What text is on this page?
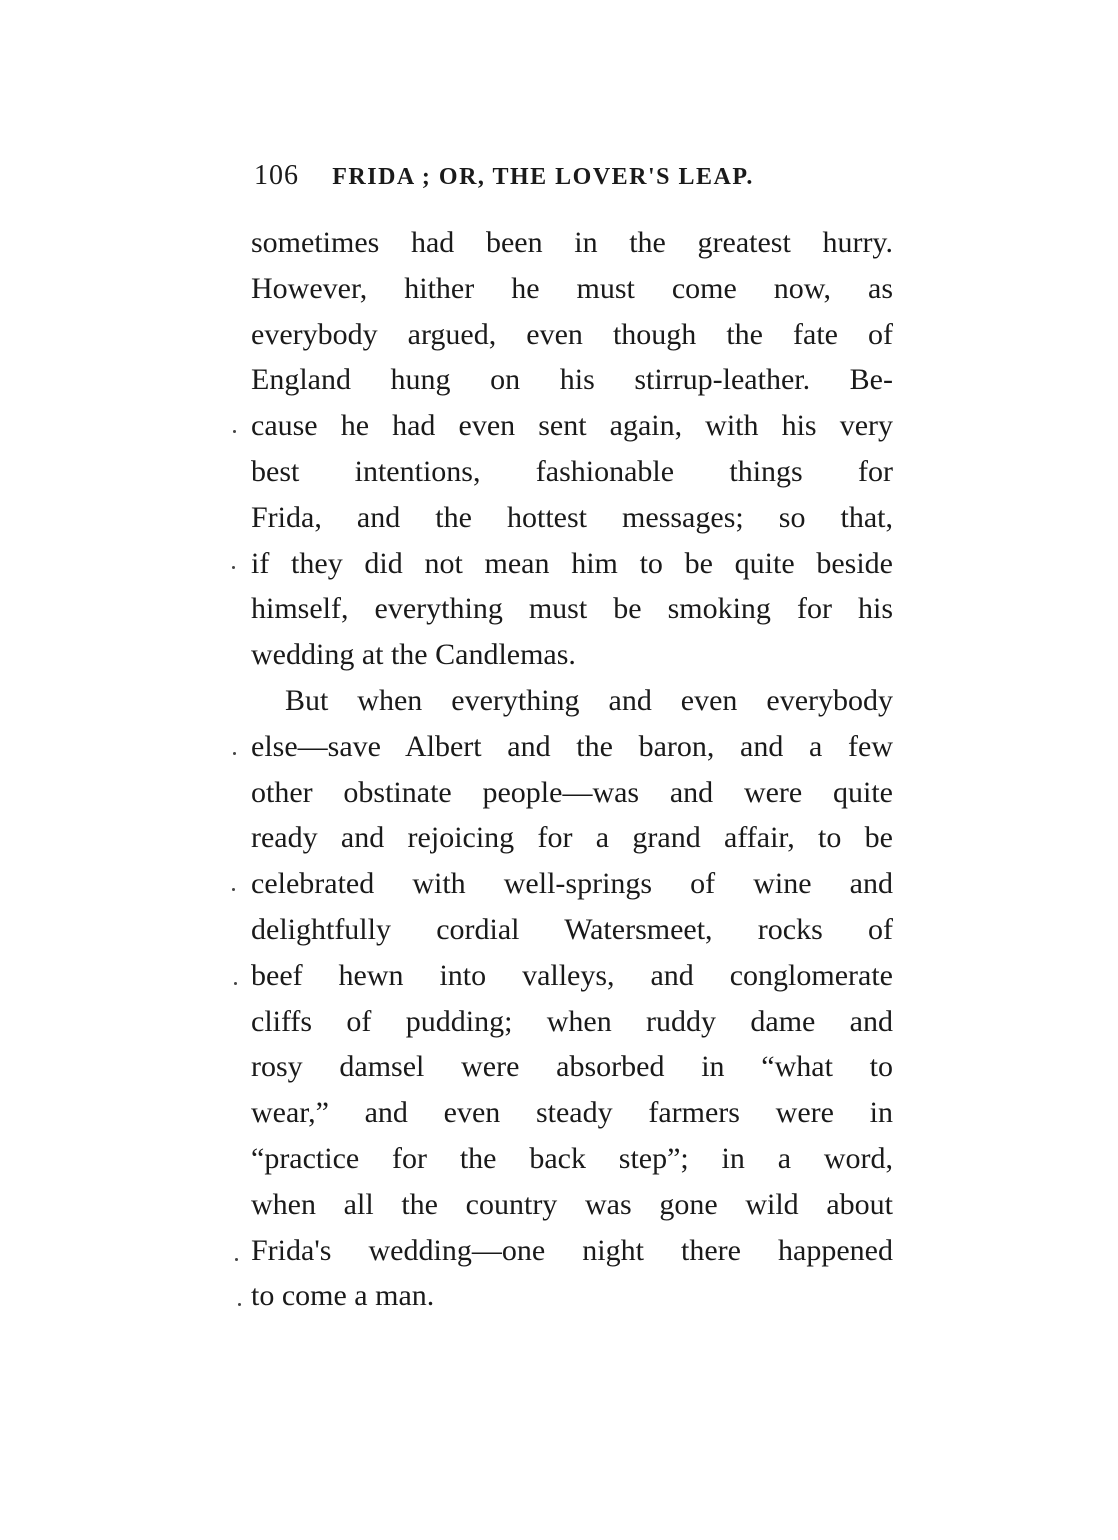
106 FRIDA ; OR, THE LOVER'S LEAP.
sometimes had been in the greatest hurry.
However, hither he must come now, as
everybody argued, even though the fate of
England hung on his stirrup-leather. Be-
cause he had even sent again, with his very
best intentions, fashionable things for
Frida, and the hottest messages; so that,
if they did not mean him to be quite beside
himself, everything must be smoking for his
wedding at the Candlemas.
But when everything and even everybody
else—save Albert and the baron, and a few
other obstinate people—was and were quite
ready and rejoicing for a grand affair, to be
celebrated with well-springs of wine and
delightfully cordial Watersmeet, rocks of
beef hewn into valleys, and conglomerate
cliffs of pudding; when ruddy dame and
rosy damsel were absorbed in “what to
wear,” and even steady farmers were in
“practice for the back step”; in a word,
when all the country was gone wild about
Frida's wedding—one night there happened
to come a man.
